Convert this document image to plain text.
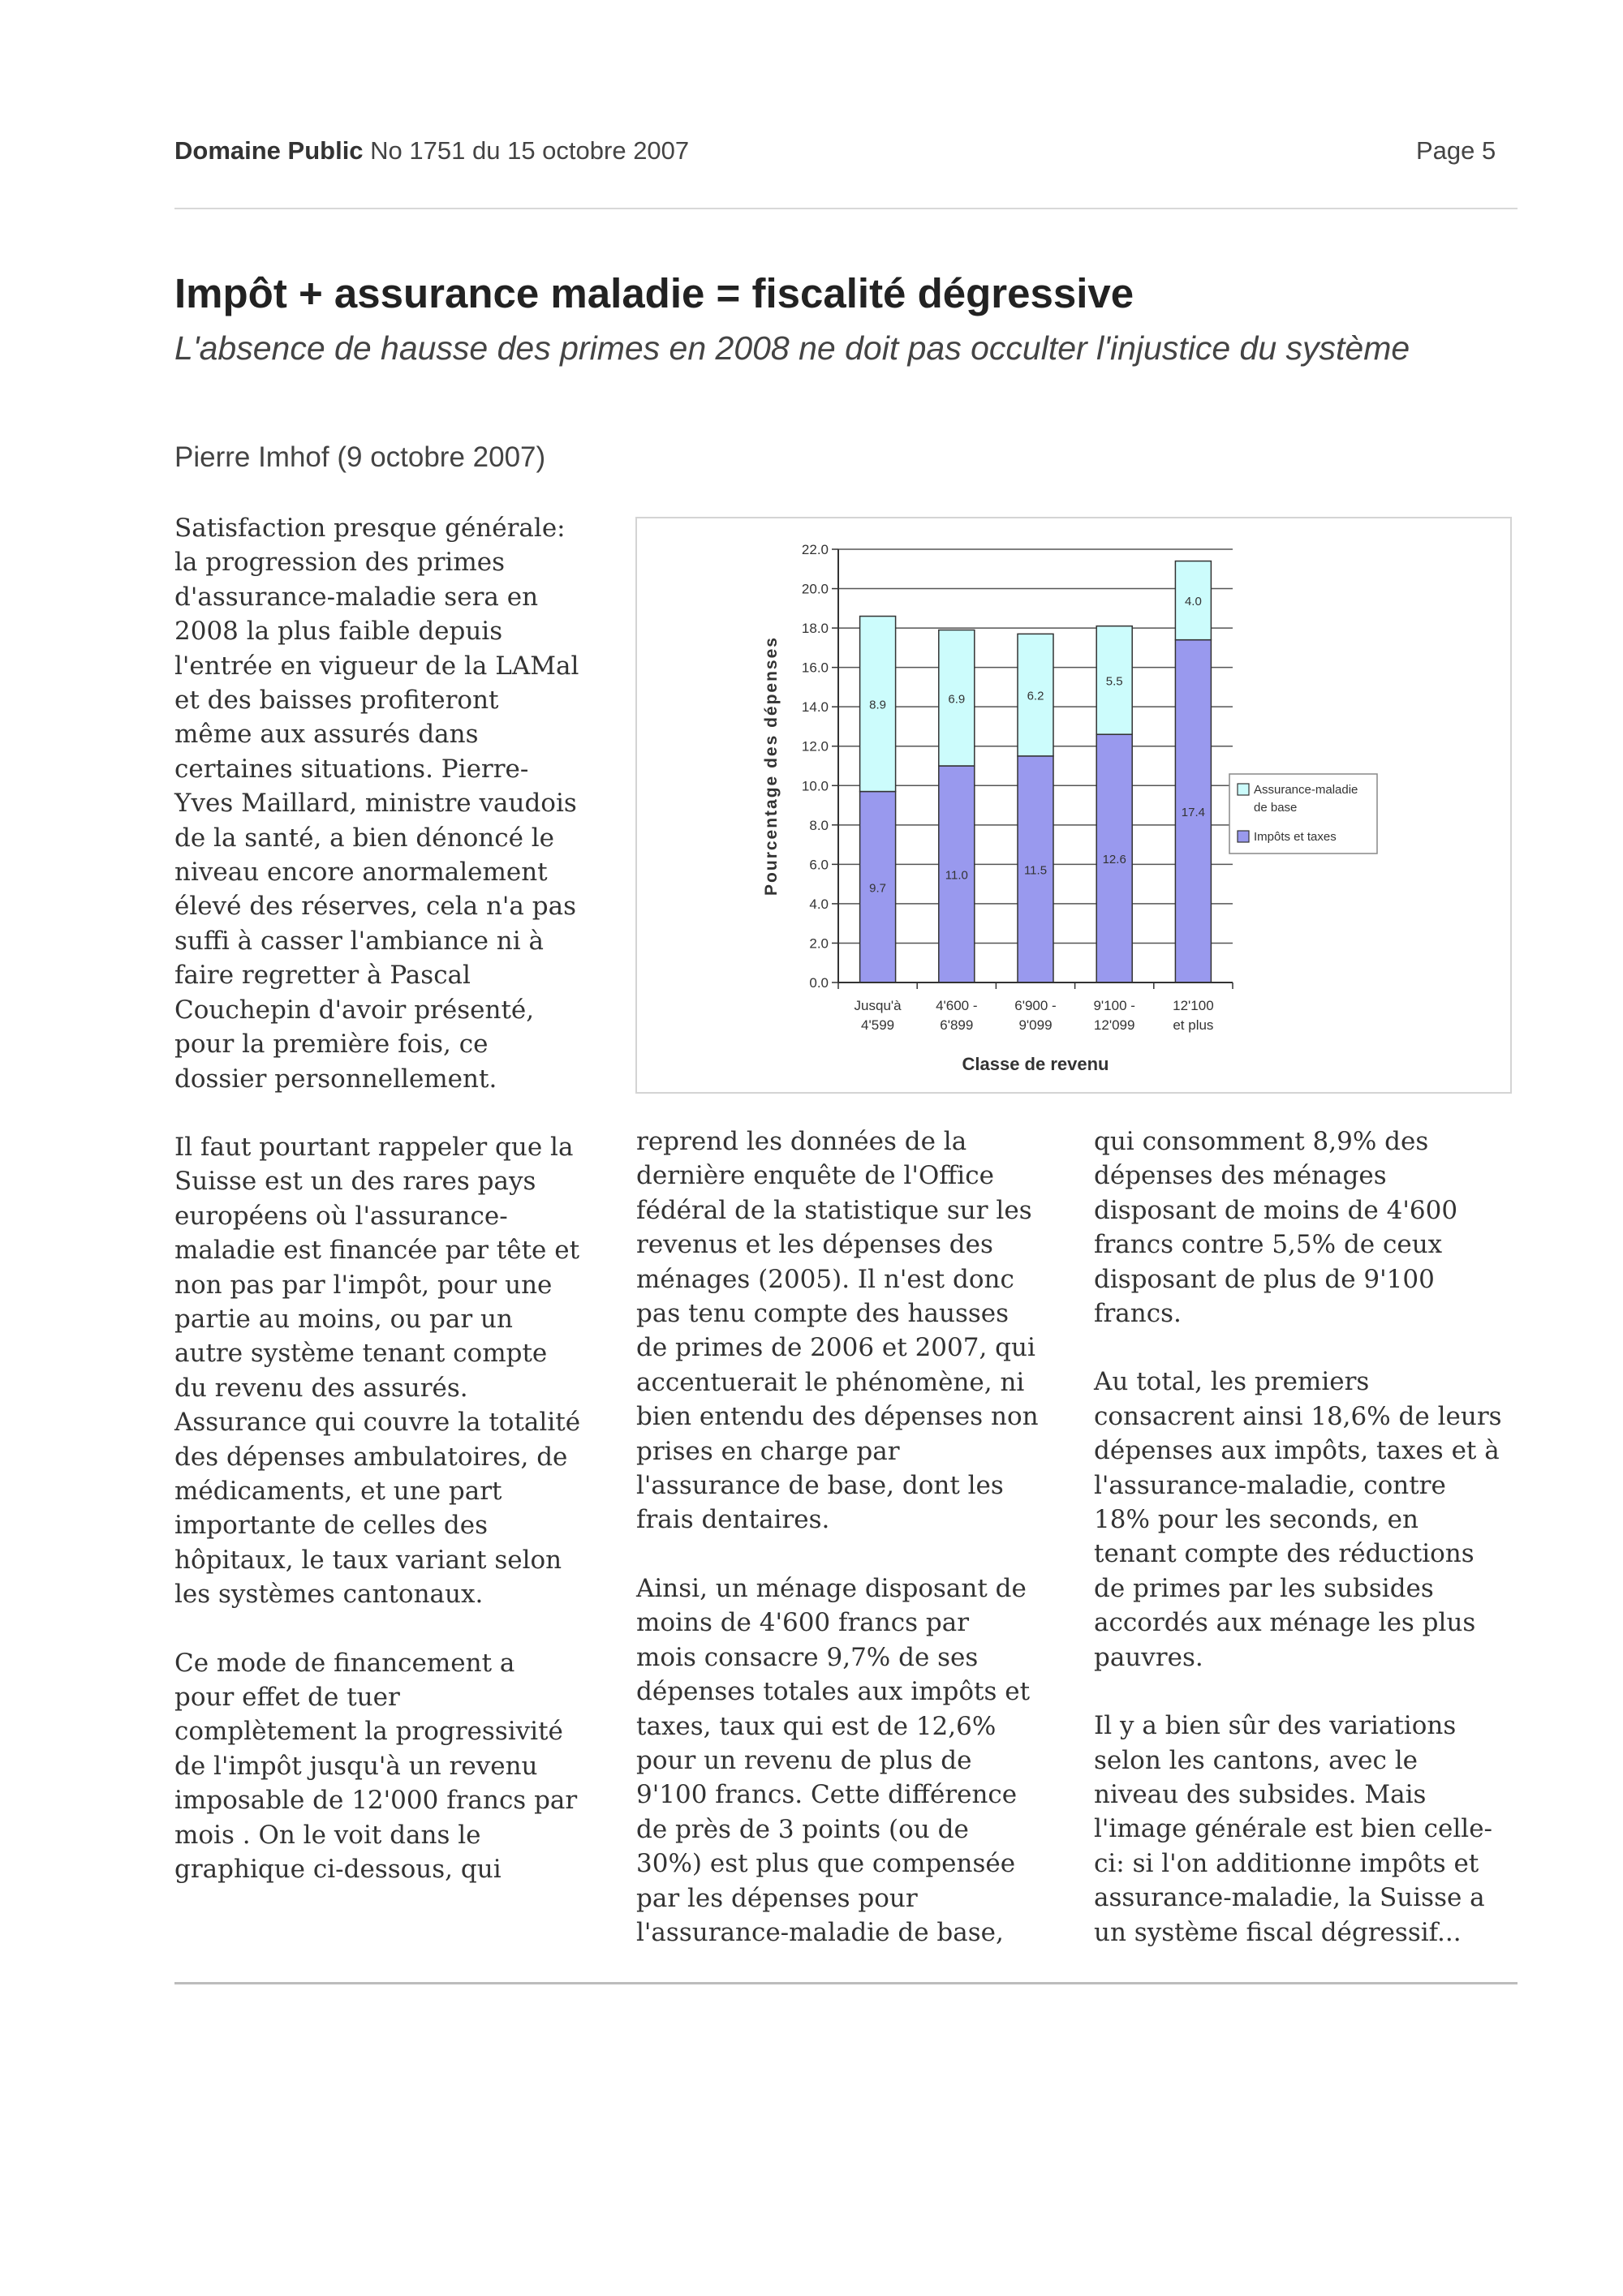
Domaine Public No 1751 du 15 octobre 2007	Page 5
Impôt + assurance maladie = fiscalité dégressive
L'absence de hausse des primes en 2008 ne doit pas occulter l'injustice du système
Pierre Imhof (9 octobre 2007)

Satisfaction presque générale:
la progression des primes
d'assurance-maladie sera en
2008 la plus faible depuis
l'entrée en vigueur de la LAMal
et des baisses profiteront
même aux assurés dans
certaines situations. Pierre-
Yves Maillard, ministre vaudois
de la santé, a bien dénoncé le
niveau encore anormalement
élevé des réserves, cela n'a pas
suffi à casser l'ambiance ni à
faire regretter à Pascal
Couchepin d'avoir présenté,
pour la première fois, ce
dossier personnellement.

Il faut pourtant rappeler que la
Suisse est un des rares pays
européens où l'assurance-
maladie est financée par tête et
non pas par l'impôt, pour une
partie au moins, ou par un
autre système tenant compte
du revenu des assurés.
Assurance qui couvre la totalité
des dépenses ambulatoires, de
médicaments, et une part
importante de celles des
hôpitaux, le taux variant selon
les systèmes cantonaux.

Ce mode de financement a
pour effet de tuer
complètement la progressivité
de l'impôt jusqu'à un revenu
imposable de 12'000 francs par
mois . On le voit dans le
graphique ci-dessous, qui

reprend les données de la
dernière enquête de l'Office
fédéral de la statistique sur les
revenus et les dépenses des
ménages (2005). Il n'est donc
pas tenu compte des hausses
de primes de 2006 et 2007, qui
accentuerait le phénomène, ni
bien entendu des dépenses non
prises en charge par
l'assurance de base, dont les
frais dentaires.

Ainsi, un ménage disposant de
moins de 4'600 francs par
mois consacre 9,7% de ses
dépenses totales aux impôts et
taxes, taux qui est de 12,6%
pour un revenu de plus de
9'100 francs. Cette différence
de près de 3 points (ou de
30%) est plus que compensée
par les dépenses pour
l'assurance-maladie de base,

qui consomment 8,9% des
dépenses des ménages
disposant de moins de 4'600
francs contre 5,5% de ceux
disposant de plus de 9'100
francs.

Au total, les premiers
consacrent ainsi 18,6% de leurs
dépenses aux impôts, taxes et à
l'assurance-maladie, contre
18% pour les seconds, en
tenant compte des réductions
de primes par les subsides
accordés aux ménage les plus
pauvres.

Il y a bien sûr des variations
selon les cantons, avec le
niveau des subsides. Mais
l'image générale est bien celle-
ci: si l'on additionne impôts et
assurance-maladie, la Suisse a
un système fiscal dégressif...

0.0
2.0
4.0
6.0
8.0
10.0
12.0
14.0
16.0
18.0
20.0
22.0
9.7
8.9
Jusqu'à
4'599
11.0
6.9
4'600 -
6'899
11.5
6.2
6'900 -
9'099
12.6
5.5
9'100 -
12'099
17.4
4.0
12'100
et plus
Pourcentage des dépenses
Classe de revenu
Assurance-maladie
de base
Impôts et taxes
